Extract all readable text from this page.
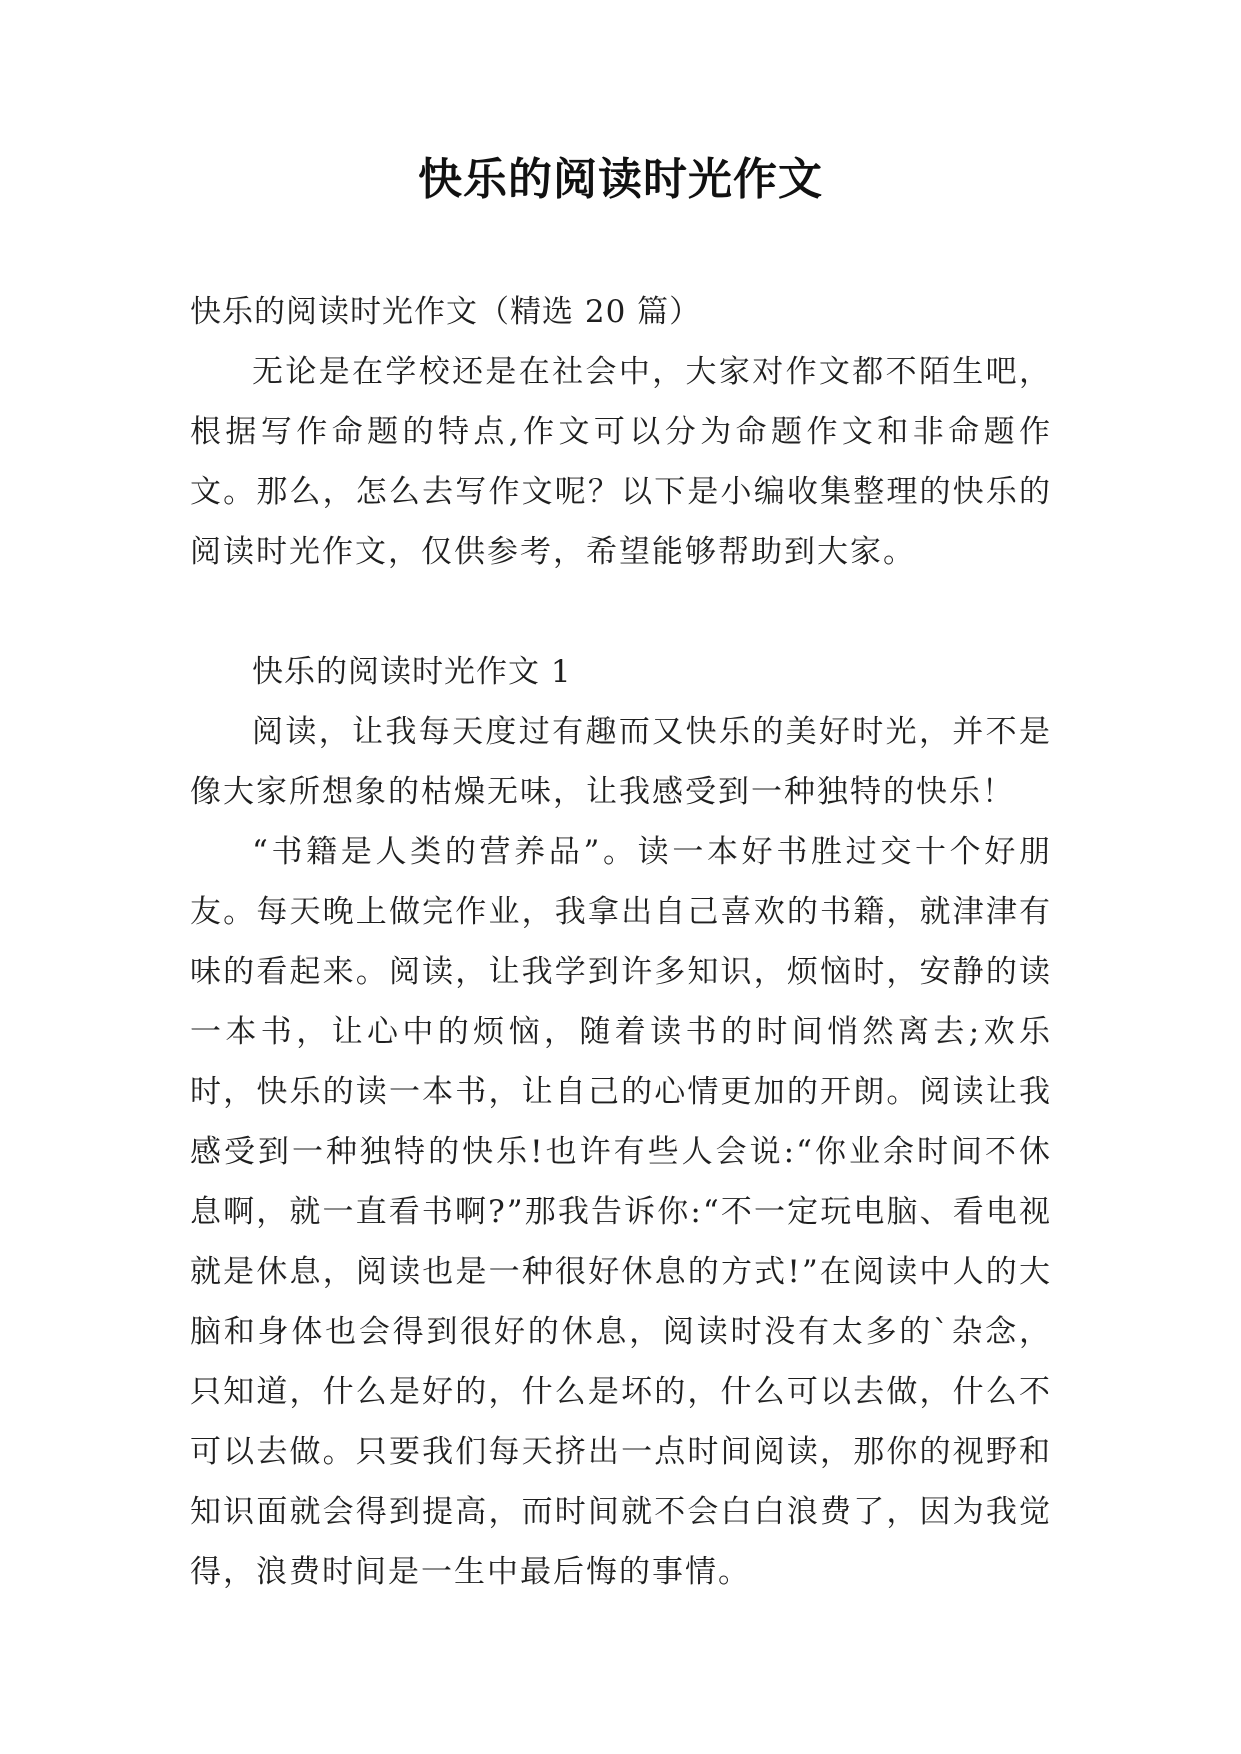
快乐的阅读时光作文

快乐的阅读时光作文（精选 20 篇）

无论是在学校还是在社会中，大家对作文都不陌生吧，根据写作命题的特点,作文可以分为命题作文和非命题作文。那么，怎么去写作文呢？以下是小编收集整理的快乐的阅读时光作文，仅供参考，希望能够帮助到大家。

快乐的阅读时光作文 1

阅读，让我每天度过有趣而又快乐的美好时光，并不是像大家所想象的枯燥无味，让我感受到一种独特的快乐！

“书籍是人类的营养品”。读一本好书胜过交十个好朋友。每天晚上做完作业，我拿出自己喜欢的书籍，就津津有味的看起来。阅读，让我学到许多知识，烦恼时，安静的读一本书，让心中的烦恼，随着读书的时间悄然离去;欢乐时，快乐的读一本书，让自己的心情更加的开朗。阅读让我感受到一种独特的快乐!也许有些人会说:“你业余时间不休息啊，就一直看书啊?”那我告诉你:“不一定玩电脑、看电视就是休息，阅读也是一种很好休息的方式!”在阅读中人的大脑和身体也会得到很好的休息，阅读时没有太多的`杂念，只知道，什么是好的，什么是坏的，什么可以去做，什么不可以去做。只要我们每天挤出一点时间阅读，那你的视野和知识面就会得到提高，而时间就不会白白浪费了，因为我觉得，浪费时间是一生中最后悔的事情。
